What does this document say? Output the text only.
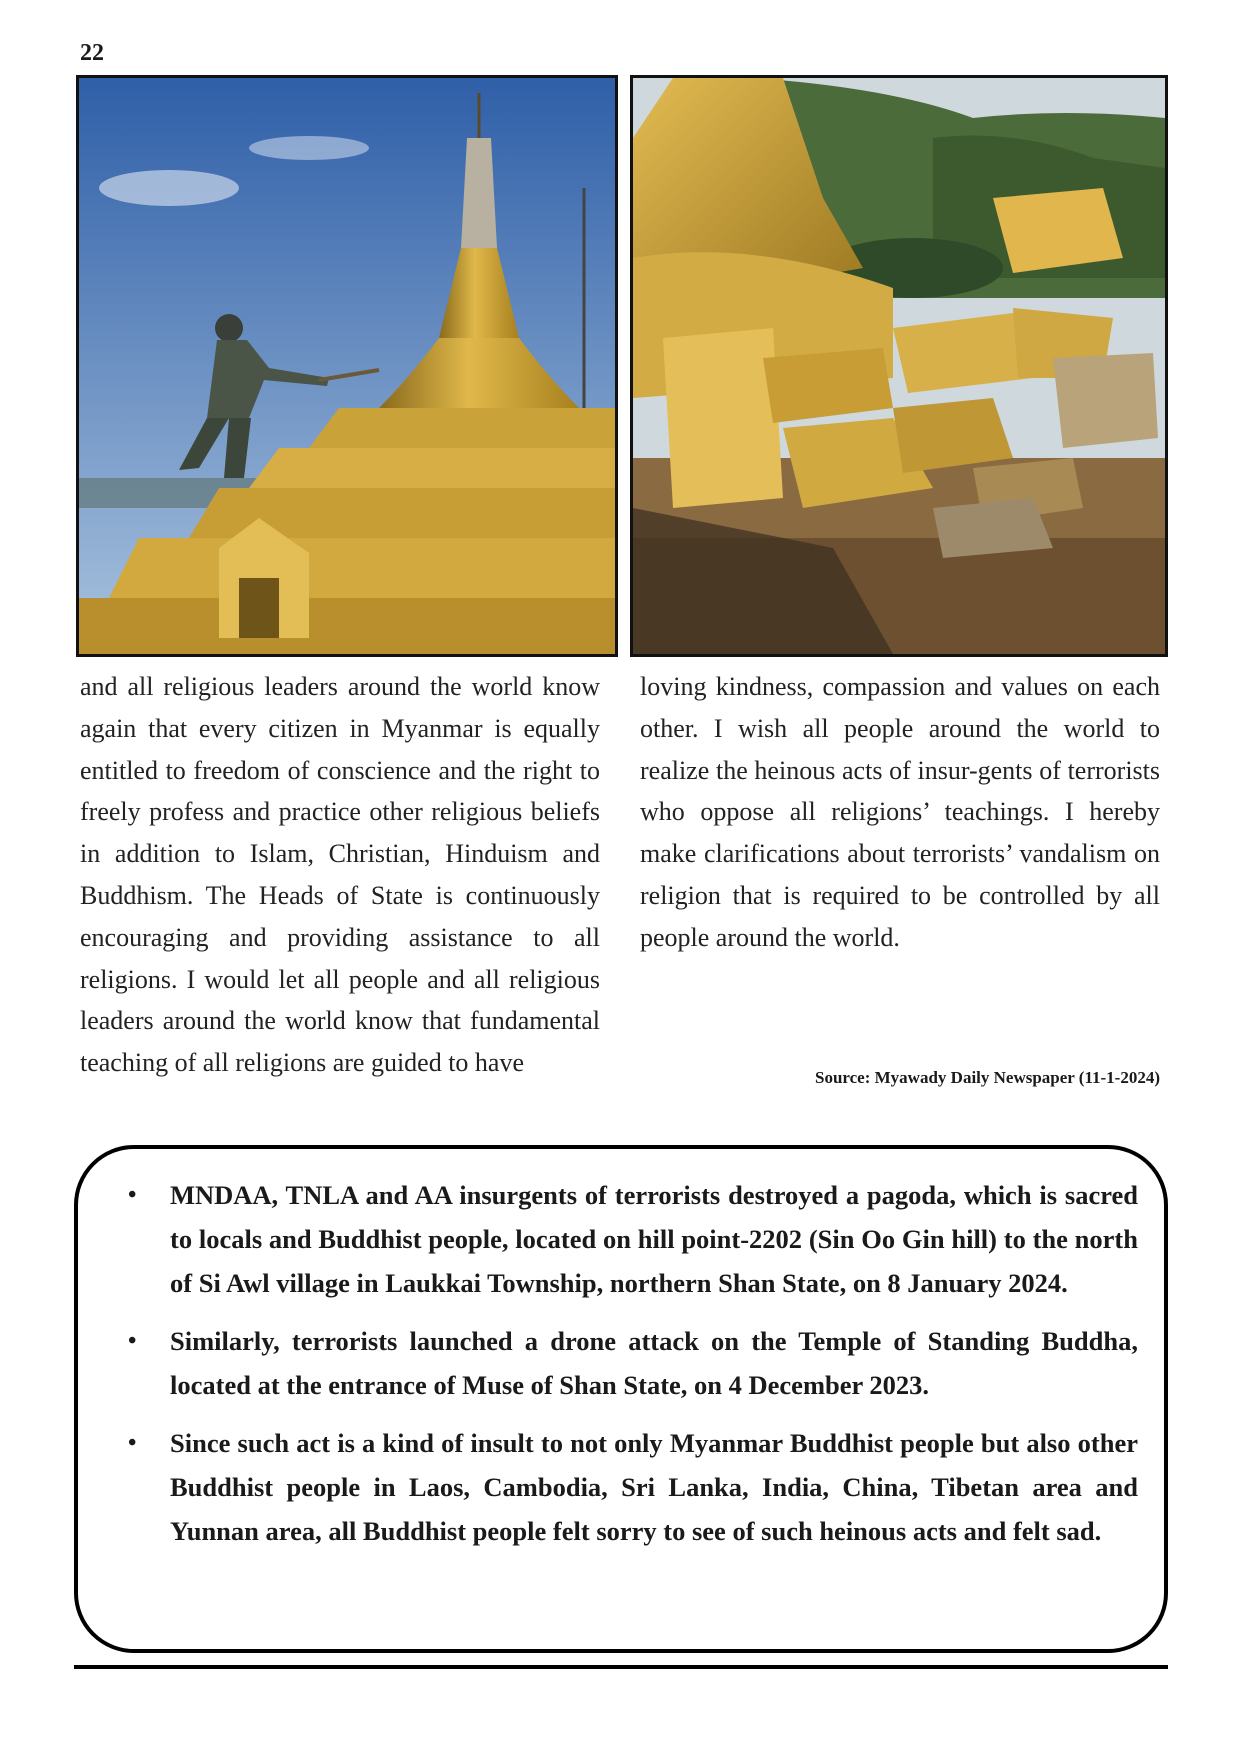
22
and all religious leaders around the world know again that every citizen in Myanmar is equally entitled to freedom of conscience and the right to freely profess and practice other religious beliefs in addition to Islam, Christian, Hinduism and Buddhism. The Heads of State is continuously encouraging and providing assistance to all religions. I would let all people and all religious leaders around the world know that fundamental teaching of all religions are guided to have
loving kindness, compassion and values on each other. I wish all people around the world to realize the heinous acts of insur-gents of terrorists who oppose all religions’ teachings. I hereby make clarifications about terrorists’ vandalism on religion that is required to be controlled by all people around the world.
Source: Myawady Daily Newspaper (11-1-2024)
• MNDAA, TNLA and AA insurgents of terrorists destroyed a pagoda, which is sacred to locals and Buddhist people, located on hill point-2202 (Sin Oo Gin hill) to the north of Si Awl village in Laukkai Township, northern Shan State, on 8 January 2024.
• Similarly, terrorists launched a drone attack on the Temple of Standing Buddha, located at the entrance of Muse of Shan State, on 4 December 2023.
• Since such act is a kind of insult to not only Myanmar Buddhist people but also other Buddhist people in Laos, Cambodia, Sri Lanka, India, China, Tibetan area and Yunnan area, all Buddhist people felt sorry to see of such heinous acts and felt sad.
